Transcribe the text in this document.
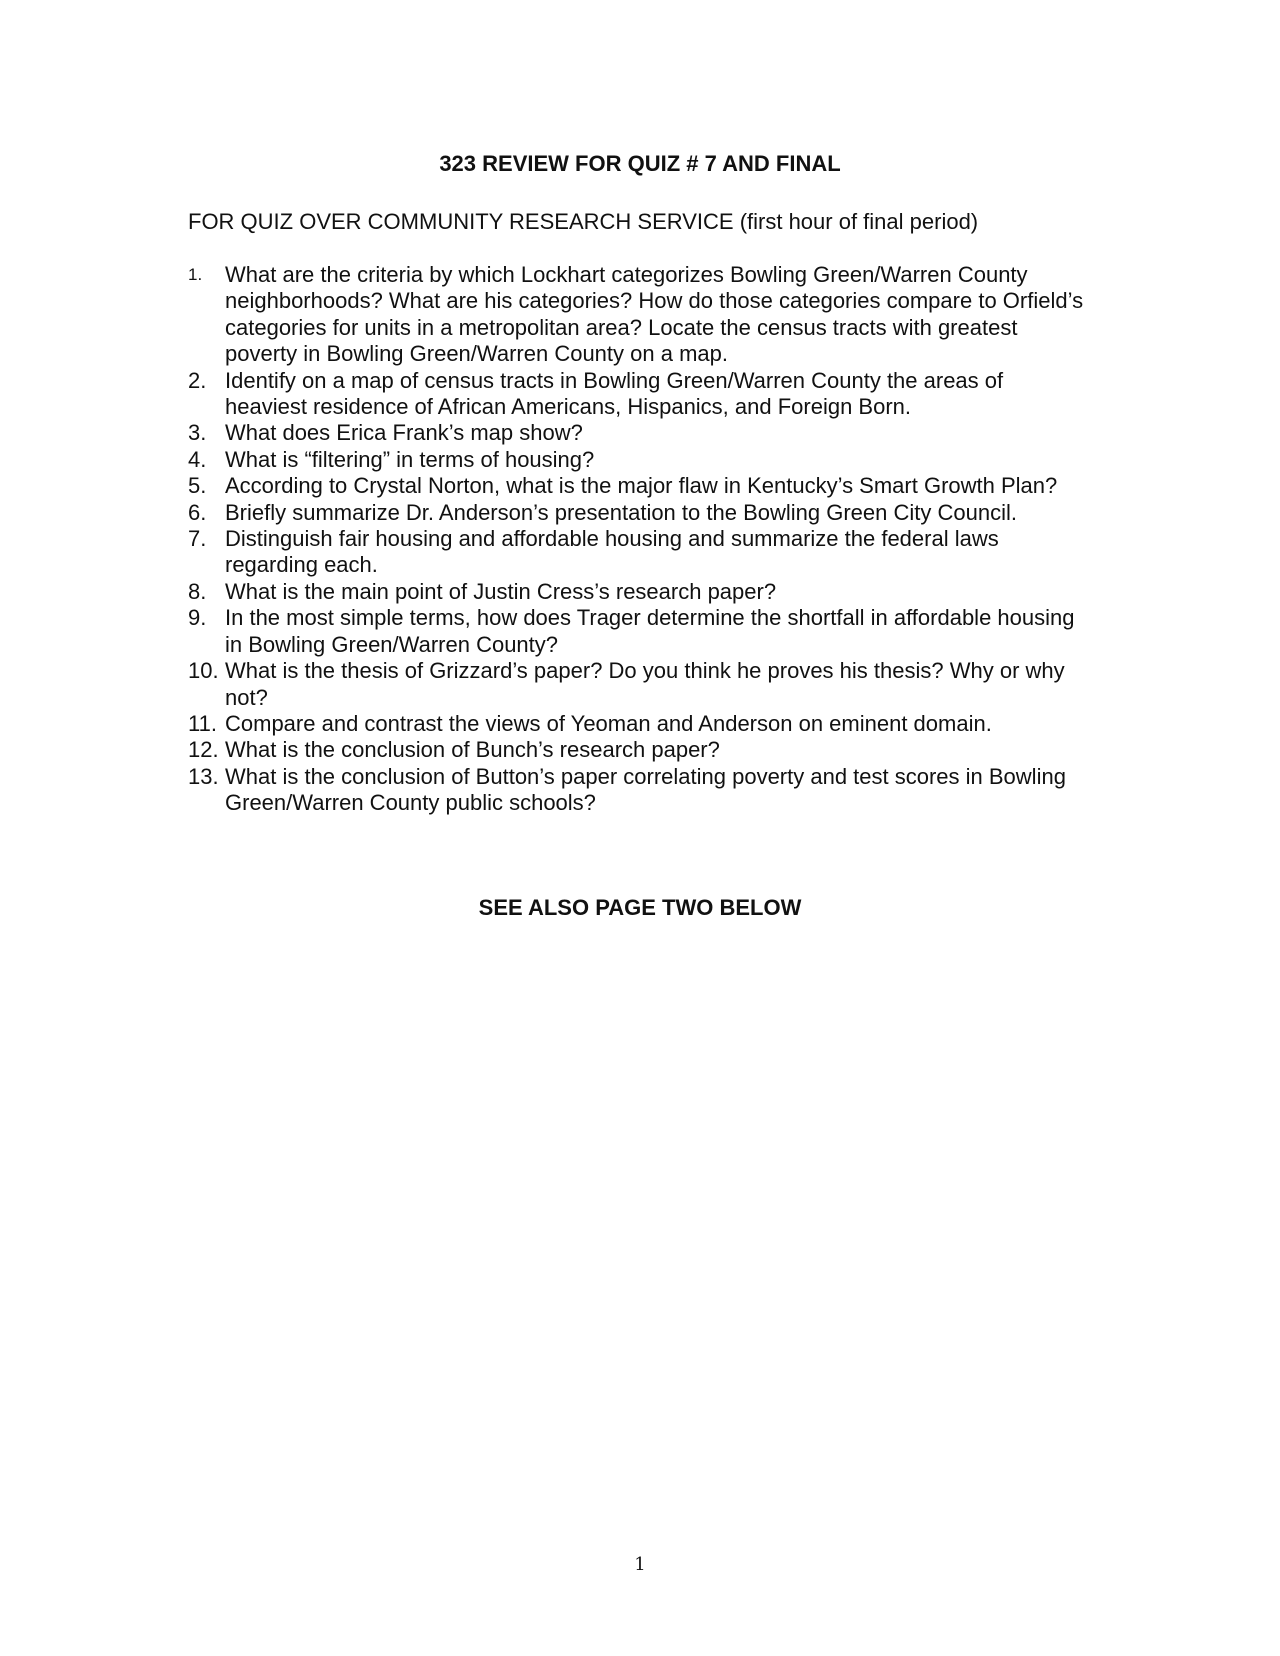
323 REVIEW FOR QUIZ # 7 AND FINAL

FOR QUIZ OVER COMMUNITY RESEARCH SERVICE (first hour of final period)

1.	What are the criteria by which Lockhart categorizes Bowling Green/Warren County neighborhoods? What are his categories? How do those categories compare to Orfield’s categories for units in a metropolitan area? Locate the census tracts with greatest poverty in Bowling Green/Warren County on a map.
2. Identify on a map of census tracts in Bowling Green/Warren County the areas of heaviest residence of African Americans, Hispanics, and Foreign Born.
3. What does Erica Frank’s map show?
4. What is “filtering” in terms of housing?
5. According to Crystal Norton, what is the major flaw in Kentucky’s Smart Growth Plan?
6. Briefly summarize Dr. Anderson’s presentation to the Bowling Green City Council.
7. Distinguish fair housing and affordable housing and summarize the federal laws regarding each.
8. What is the main point of Justin Cress’s research paper?
9. In the most simple terms, how does Trager determine the shortfall in affordable housing in Bowling Green/Warren County?
10. What is the thesis of Grizzard’s paper? Do you think he proves his thesis? Why or why not?
11. Compare and contrast the views of Yeoman and Anderson on eminent domain.
12. What is the conclusion of Bunch’s research paper?
13. What is the conclusion of Button’s paper correlating poverty and test scores in Bowling Green/Warren County public schools?

SEE ALSO PAGE TWO BELOW

1
